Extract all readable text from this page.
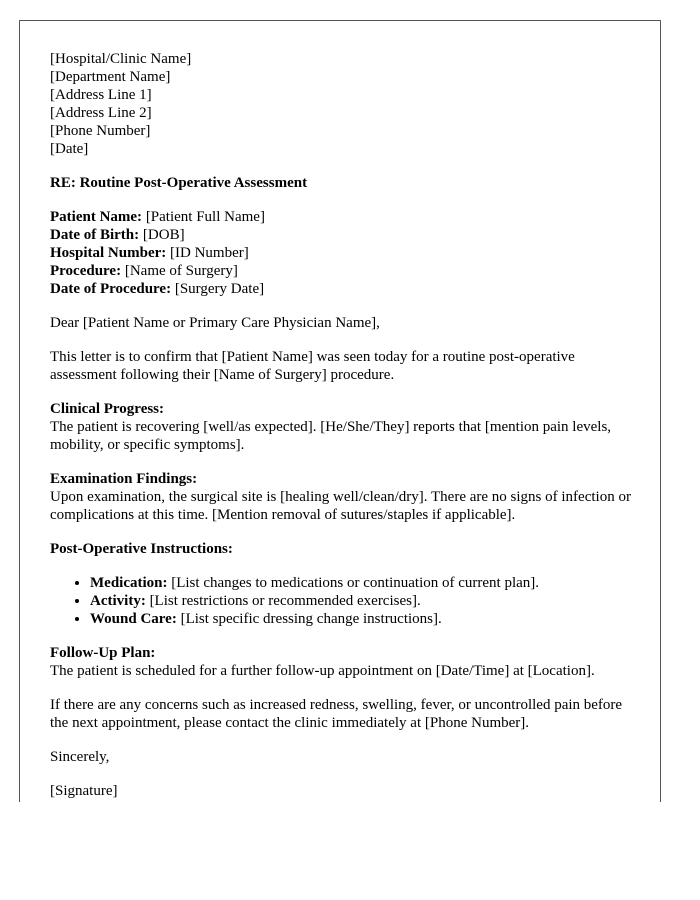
[Hospital/Clinic Name]
[Department Name]
[Address Line 1]
[Address Line 2]
[Phone Number]
[Date]

RE: Routine Post-Operative Assessment

Patient Name: [Patient Full Name]
Date of Birth: [DOB]
Hospital Number: [ID Number]
Procedure: [Name of Surgery]
Date of Procedure: [Surgery Date]

Dear [Patient Name or Primary Care Physician Name],

This letter is to confirm that [Patient Name] was seen today for a routine post-operative assessment following their [Name of Surgery] procedure.

Clinical Progress:
The patient is recovering [well/as expected]. [He/She/They] reports that [mention pain levels, mobility, or specific symptoms].

Examination Findings:
Upon examination, the surgical site is [healing well/clean/dry]. There are no signs of infection or complications at this time. [Mention removal of sutures/staples if applicable].

Post-Operative Instructions:

• Medication: [List changes to medications or continuation of current plan].
• Activity: [List restrictions or recommended exercises].
• Wound Care: [List specific dressing change instructions].

Follow-Up Plan:
The patient is scheduled for a further follow-up appointment on [Date/Time] at [Location].

If there are any concerns such as increased redness, swelling, fever, or uncontrolled pain before the next appointment, please contact the clinic immediately at [Phone Number].

Sincerely,

[Signature]
